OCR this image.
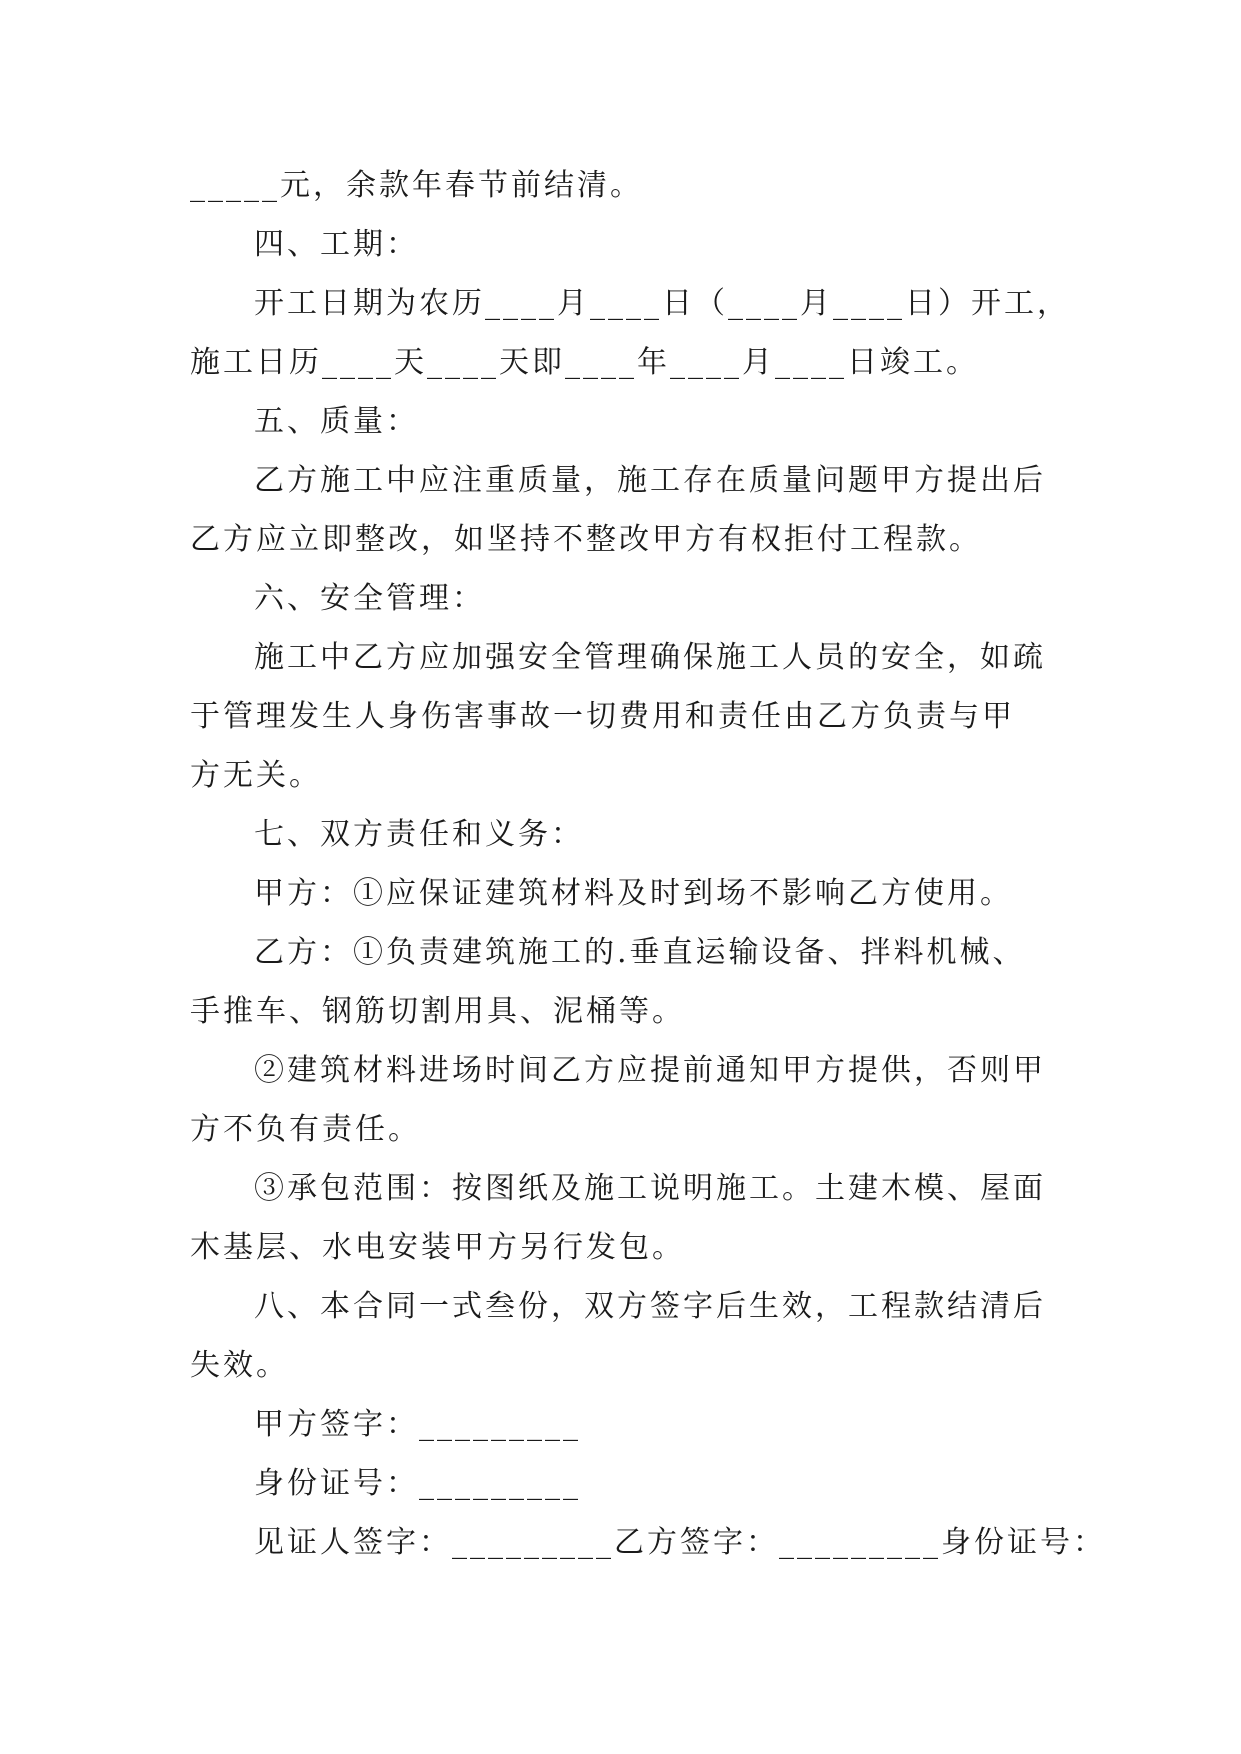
_____元，余款年春节前结清。
四、工期：
开工日期为农历____月____日（____月____日）开工，
施工日历____天____天即____年____月____日竣工。
五、质量：
乙方施工中应注重质量，施工存在质量问题甲方提出后
乙方应立即整改，如坚持不整改甲方有权拒付工程款。
六、安全管理：
施工中乙方应加强安全管理确保施工人员的安全，如疏
于管理发生人身伤害事故一切费用和责任由乙方负责与甲
方无关。
七、双方责任和义务：
甲方：①应保证建筑材料及时到场不影响乙方使用。
乙方：①负责建筑施工的.垂直运输设备、拌料机械、
手推车、钢筋切割用具、泥桶等。
②建筑材料进场时间乙方应提前通知甲方提供，否则甲
方不负有责任。
③承包范围：按图纸及施工说明施工。土建木模、屋面
木基层、水电安装甲方另行发包。
八、本合同一式叁份，双方签字后生效，工程款结清后
失效。
甲方签字：_________
身份证号：_________
见证人签字：_________乙方签字：_________身份证号：
